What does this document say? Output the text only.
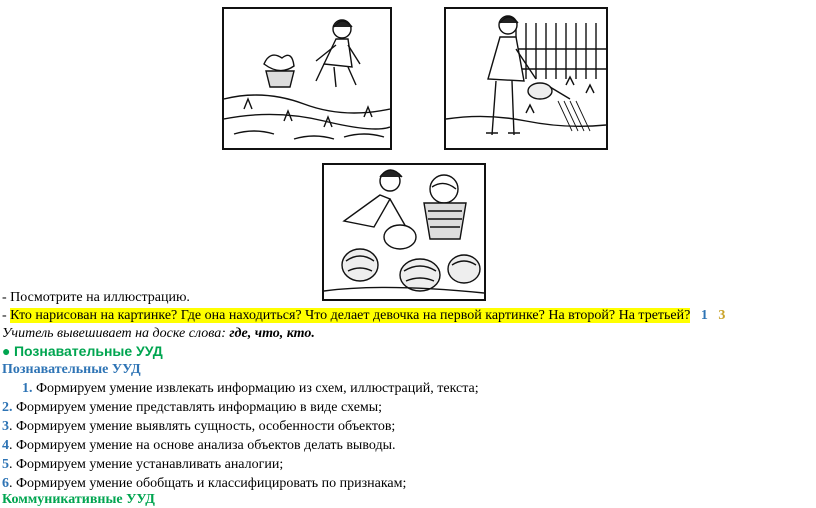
- Посмотрите на иллюстрацию.
- Кто нарисован на картинке? Где она находиться? Что делает девочка на первой картинке? На второй? На третьей? 1 3
Учитель вывешивает на доске слова: где, что, кто.
● Познавательные УУД
Познавательные УУД
1. Формируем умение извлекать информацию из схем, иллюстраций, текста;
2. Формируем умение представлять информацию в виде схемы;
3. Формируем умение выявлять сущность, особенности объектов;
4. Формируем умение на основе анализа объектов делать выводы.
5. Формируем умение устанавливать аналогии;
6. Формируем умение обобщать и классифицировать по признакам;
Коммуникативные УУД
